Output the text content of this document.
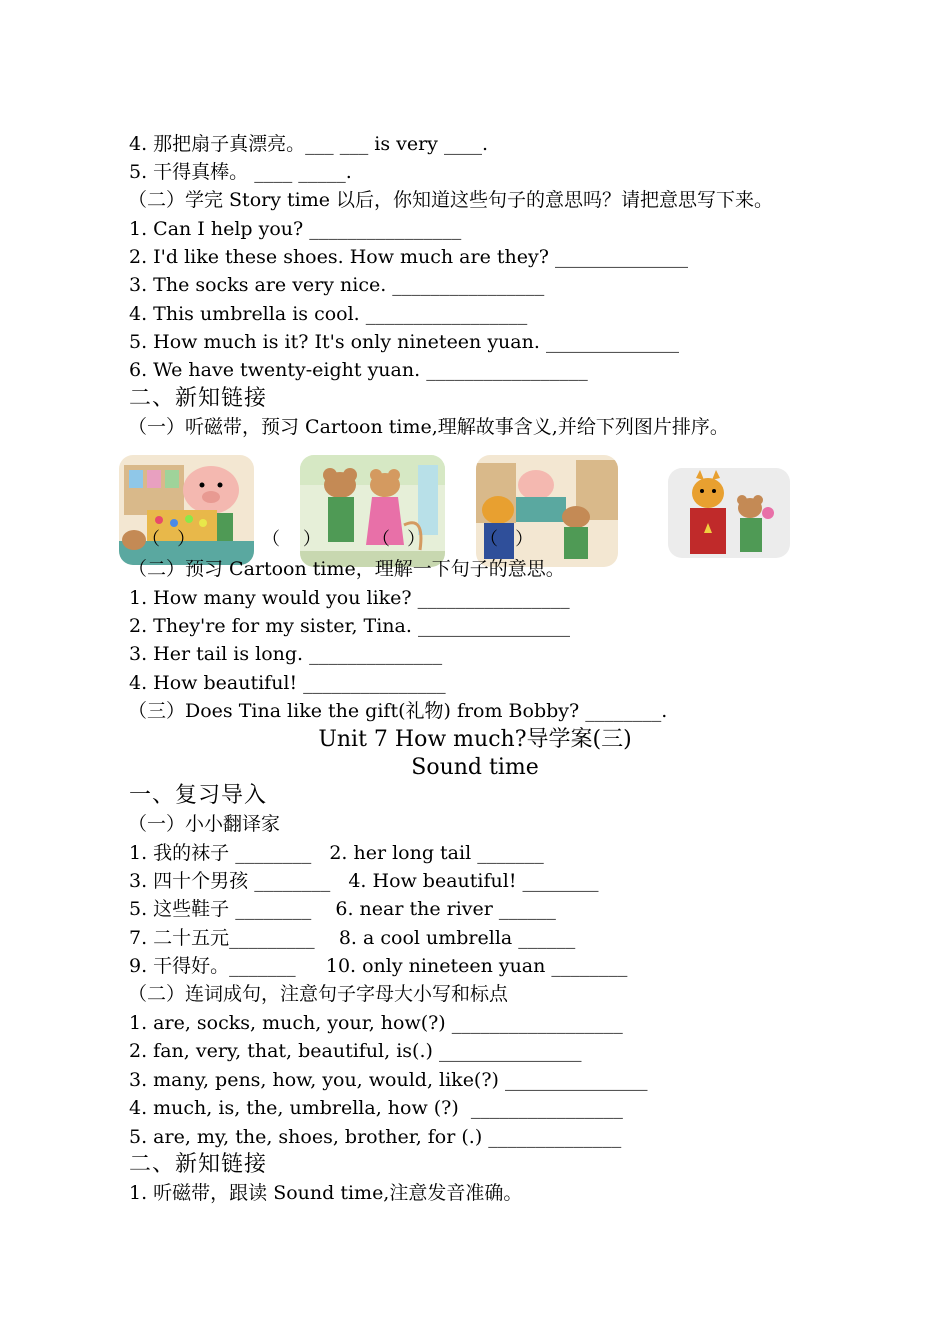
4. 那把扇子真漂亮。___ ___ is very ____.
5. 干得真棒。 ____ _____.
（二）学完 Story time 以后，你知道这些句子的意思吗？请把意思写下来。
1. Can I help you? ________________
2. I'd like these shoes. How much are they? ______________
3. The socks are very nice. ________________
4. This umbrella is cool. _________________
5. How much is it? It's only nineteen yuan. ______________
6. We have twenty-eight yuan. _________________
二、新知链接
（一）听磁带，预习 Cartoon time,理解故事含义,并给下列图片排序。
（   ）	（    ）	（   ）	（   ）
（二）预习 Cartoon time，理解一下句子的意思。
1. How many would you like? ________________
2. They're for my sister, Tina. ________________
3. Her tail is long. ______________
4. How beautiful! _______________
（三）Does Tina like the gift(礼物) from Bobby? ________.
Unit 7 How much?导学案(三)
Sound time
一、复习导入
（一）小小翻译家
1. 我的袜子 ________   2. her long tail _______
3. 四十个男孩 ________   4. How beautiful! ________
5. 这些鞋子 ________    6. near the river ______
7. 二十五元_________    8. a cool umbrella ______
9. 干得好。_______     10. only nineteen yuan ________
（二）连词成句，注意句子字母大小写和标点
1. are, socks, much, your, how(?) __________________
2. fan, very, that, beautiful, is(.) _______________
3. many, pens, how, you, would, like(?) _______________
4. much, is, the, umbrella, how (?)  ________________
5. are, my, the, shoes, brother, for (.) ______________
二、新知链接
1. 听磁带，跟读 Sound time,注意发音准确。
